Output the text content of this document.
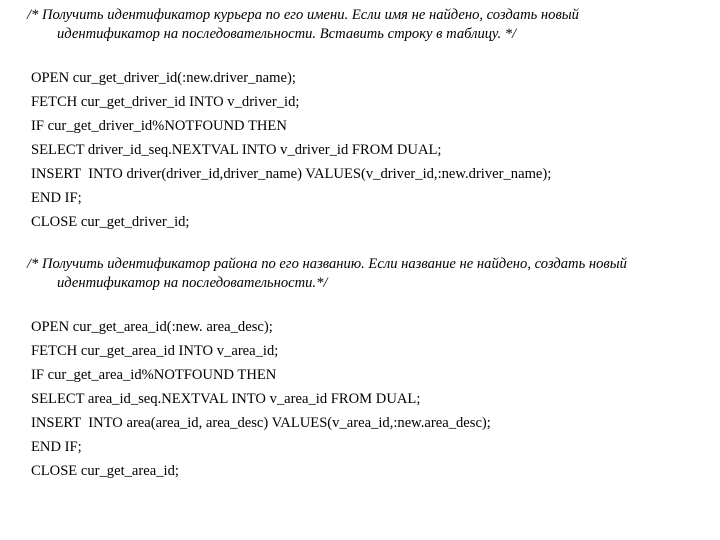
/* Получить идентификатор курьера по его имени. Если имя не найдено, создать новый
идентификатор на последовательности. Вставить строку в таблицу. */
OPEN cur_get_driver_id(:new.driver_name);
FETCH cur_get_driver_id INTO v_driver_id;
IF cur_get_driver_id%NOTFOUND THEN
SELECT driver_id_seq.NEXTVAL INTO v_driver_id FROM DUAL;
INSERT  INTO driver(driver_id,driver_name) VALUES(v_driver_id,:new.driver_name);
END IF;
CLOSE cur_get_driver_id;
/* Получить идентификатор района по его названию. Если название не найдено, создать новый
идентификатор на последовательности.*/
OPEN cur_get_area_id(:new. area_desc);
FETCH cur_get_area_id INTO v_area_id;
IF cur_get_area_id%NOTFOUND THEN
SELECT area_id_seq.NEXTVAL INTO v_area_id FROM DUAL;
INSERT  INTO area(area_id, area_desc) VALUES(v_area_id,:new.area_desc);
END IF;
CLOSE cur_get_area_id;
